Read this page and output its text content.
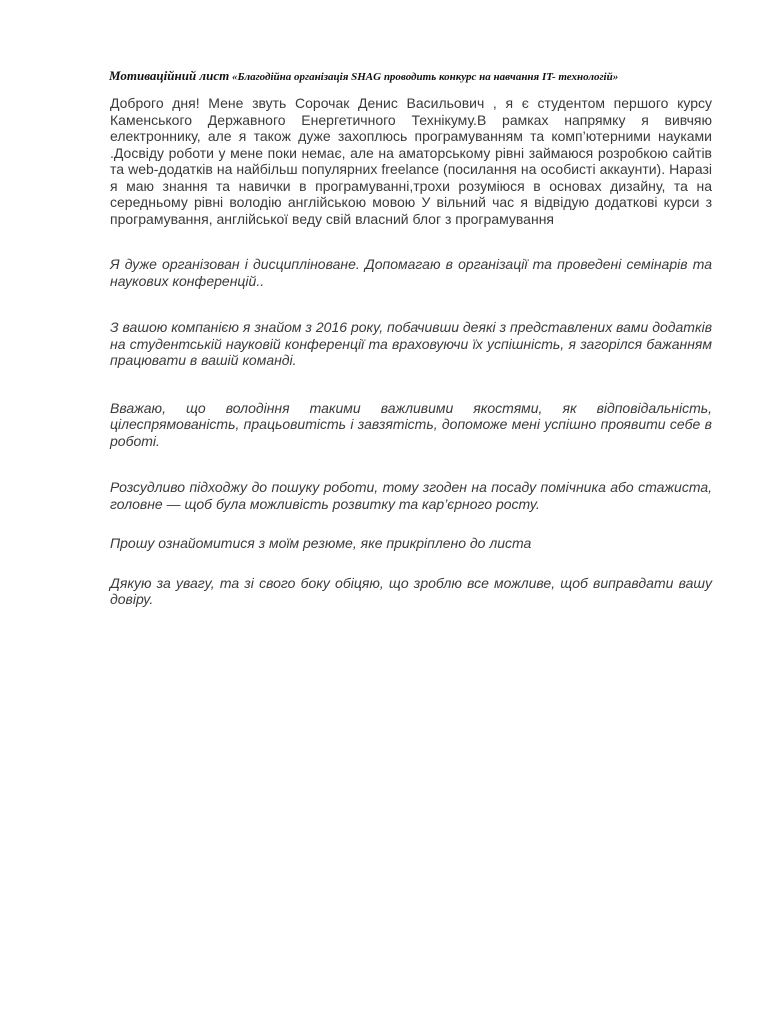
Мотиваційний лист «Благодійна організація SHAG проводить конкурс на навчання IT- технологій»

Доброго дня! Мене звуть Сорочак Денис Васильович , я є студентом першого курсу Каменського Державного Енергетичного Технікуму.В рамках напрямку я вивчяю електроннику, але я також дуже захоплюсь програмуванням та комп’ютерними науками .Досвіду роботи у мене поки немає, але на аматорському рівні займаюся розробкою сайтів та web-додатків на найбільш популярних freelance (посилання на особисті аккаунти). Наразі я маю знання та навички в програмуванні,трохи розуміюся в основах дизайну, та на середньому рівні володію англійською мовою У вільний час я відвідую додаткові курси з програмування, англійської веду свій власний блог з програмування

Я дуже організован і дисципліноване. Допомагаю в організації та проведені семінарів та наукових конференцій..

З вашою компанією я знайом з 2016 року, побачивши деякі з представлених вами додатків на студентській науковій конференції та враховуючи їх успішність, я загорілся бажанням працювати в вашій команді.

Вважаю, що володіння такими важливими якостями, як відповідальність, цілеспрямованість, працьовитість і завзятість, допоможе мені успішно проявити себе в роботі.

Розсудливо підходжу до пошуку роботи, тому згоден на посаду помічника або стажиста, головне — щоб була можливість розвитку та кар’єрного росту.

Прошу ознайомитися з моїм резюме, яке прикріплено до листа

Дякую за увагу, та зі свого боку обіцяю, що зроблю все можливе, щоб виправдати вашу довіру.
